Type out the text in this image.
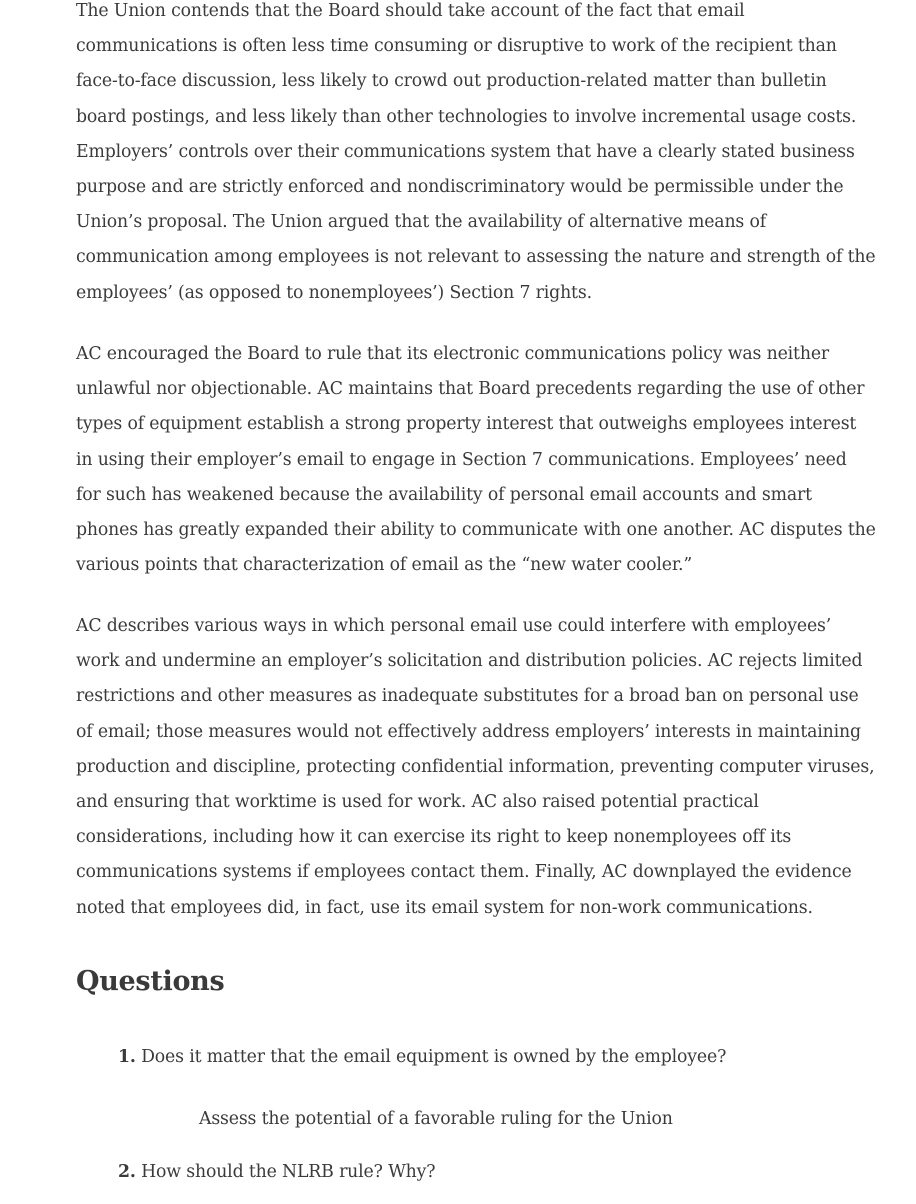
The Union contends that the Board should take account of the fact that email communications is often less time consuming or disruptive to work of the recipient than face-to-face discussion, less likely to crowd out production-related matter than bulletin board postings, and less likely than other technologies to involve incremental usage costs. Employers’ controls over their communications system that have a clearly stated business purpose and are strictly enforced and nondiscriminatory would be permissible under the Union’s proposal. The Union argued that the availability of alternative means of communication among employees is not relevant to assessing the nature and strength of the employees’ (as opposed to nonemployees’) Section 7 rights.

AC encouraged the Board to rule that its electronic communications policy was neither unlawful nor objectionable. AC maintains that Board precedents regarding the use of other types of equipment establish a strong property interest that outweighs employees interest in using their employer’s email to engage in Section 7 communications. Employees’ need for such has weakened because the availability of personal email accounts and smart phones has greatly expanded their ability to communicate with one another. AC disputes the various points that characterization of email as the “new water cooler.”

AC describes various ways in which personal email use could interfere with employees’ work and undermine an employer’s solicitation and distribution policies. AC rejects limited restrictions and other measures as inadequate substitutes for a broad ban on personal use of email; those measures would not effectively address employers’ interests in maintaining production and discipline, protecting confidential information, preventing computer viruses, and ensuring that worktime is used for work. AC also raised potential practical considerations, including how it can exercise its right to keep nonemployees off its communications systems if employees contact them. Finally, AC downplayed the evidence noted that employees did, in fact, use its email system for non-work communications.

Questions

1. Does it matter that the email equipment is owned by the employee?

Assess the potential of a favorable ruling for the Union

2. How should the NLRB rule? Why?
